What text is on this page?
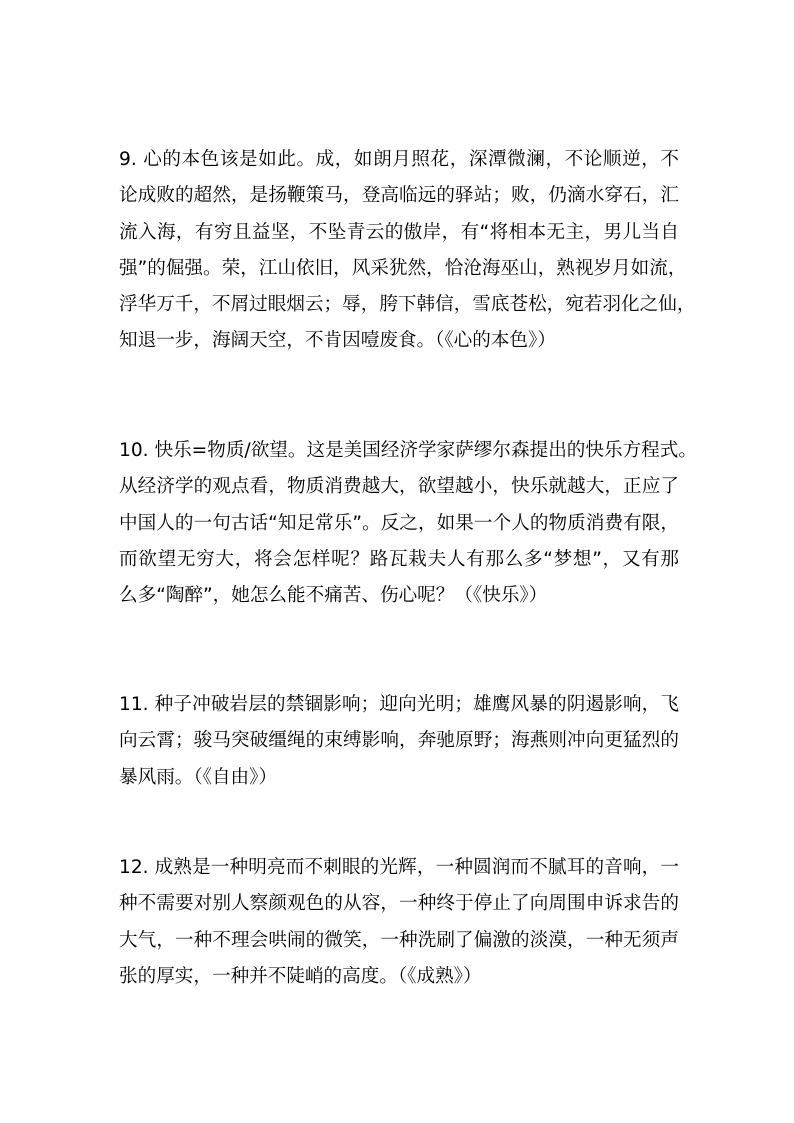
9. 心的本色该是如此。成，如朗月照花，深潭微澜，不论顺逆，不
论成败的超然，是扬鞭策马，登高临远的驿站；败，仍滴水穿石，汇
流入海，有穷且益坚，不坠青云的傲岸，有“将相本无主，男儿当自
强”的倔强。荣，江山依旧，风采犹然，恰沧海巫山，熟视岁月如流，
浮华万千，不屑过眼烟云；辱，胯下韩信，雪底苍松，宛若羽化之仙，
知退一步，海阔天空，不肯因噎废食。（《心的本色》）
10. 快乐=物质/欲望。这是美国经济学家萨缪尔森提出的快乐方程式。
从经济学的观点看，物质消费越大，欲望越小，快乐就越大，正应了
中国人的一句古话“知足常乐”。反之，如果一个人的物质消费有限，
而欲望无穷大，将会怎样呢？路瓦栽夫人有那么多“梦想”，又有那
么多“陶醉”，她怎么能不痛苦、伤心呢？（《快乐》）
11. 种子冲破岩层的禁锢影响；迎向光明；雄鹰风暴的阴遏影响，飞
向云霄；骏马突破缰绳的束缚影响，奔驰原野；海燕则冲向更猛烈的
暴风雨。（《自由》）
12. 成熟是一种明亮而不刺眼的光辉，一种圆润而不腻耳的音响，一
种不需要对别人察颜观色的从容，一种终于停止了向周围申诉求告的
大气，一种不理会哄闹的微笑，一种洗刷了偏激的淡漠，一种无须声
张的厚实，一种并不陡峭的高度。（《成熟》）
